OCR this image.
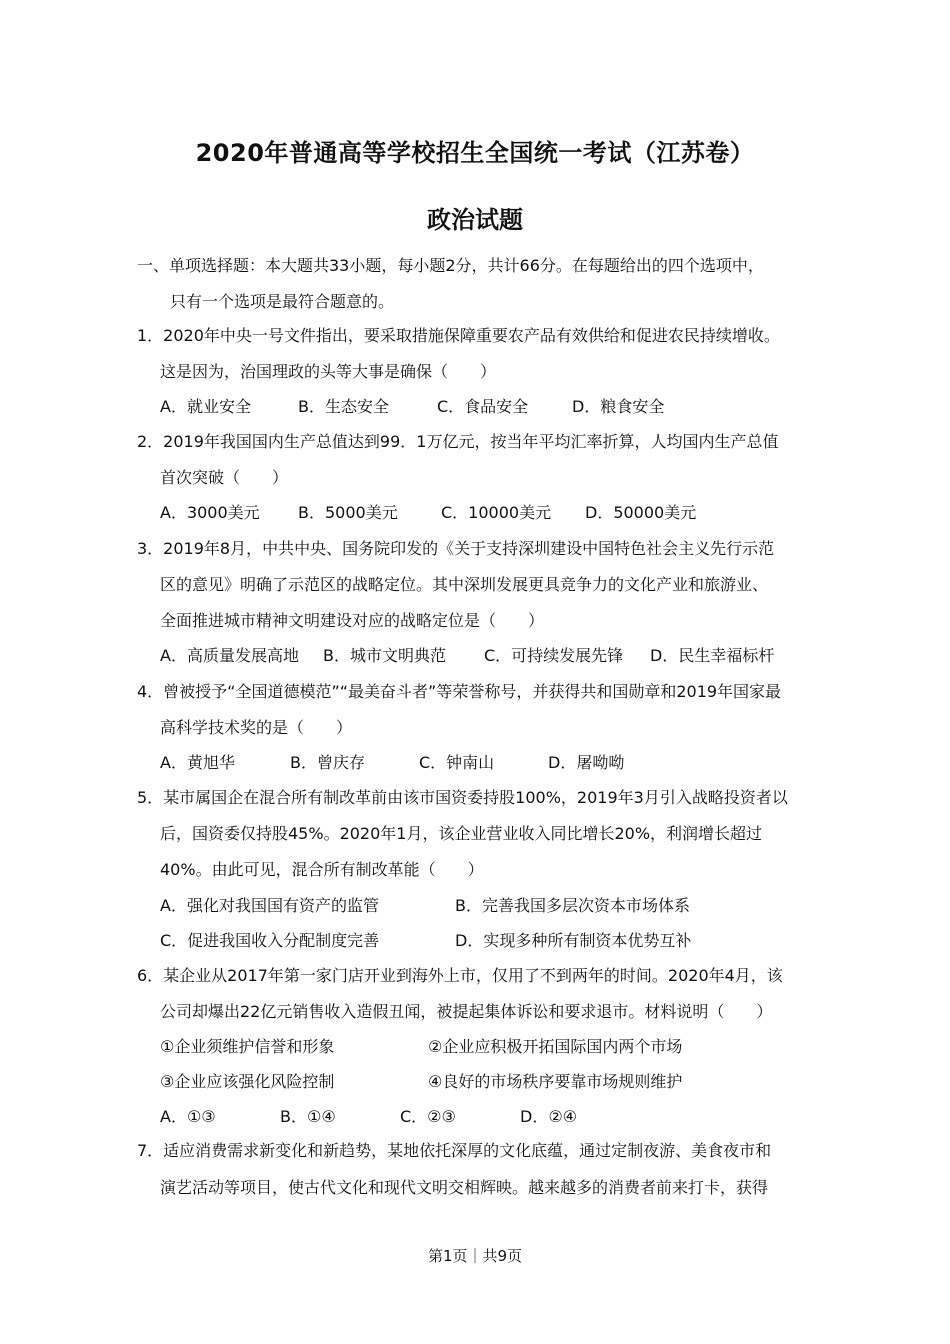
2020年普通高等学校招生全国统一考试（江苏卷）
政治试题
一、单项选择题：本大题共33小题，每小题2分，共计66分。在每题给出的四个选项中，
只有一个选项是最符合题意的。
1．2020年中央一号文件指出，要采取措施保障重要农产品有效供给和促进农民持续增收。
这是因为，治国理政的头等大事是确保（　　）
A．就业安全	B．生态安全	C．食品安全	D．粮食安全
2．2019年我国国内生产总值达到99．1万亿元，按当年平均汇率折算，人均国内生产总值
首次突破（　　）
A．3000美元 B．5000美元	C．10000美元 D．50000美元
3．2019年8月，中共中央、国务院印发的《关于支持深圳建设中国特色社会主义先行示范
区的意见》明确了示范区的战略定位。其中深圳发展更具竞争力的文化产业和旅游业、
全面推进城市精神文明建设对应的战略定位是（　　）
A．高质量发展高地 B．城市文明典范 C．可持续发展先锋 D．民生幸福标杆
4．曾被授予“全国道德模范”“最美奋斗者”等荣誉称号，并获得共和国勋章和2019年国家最
高科学技术奖的是（　　）
A．黄旭华	B．曾庆存	C．钟南山	D．屠呦呦
5．某市属国企在混合所有制改革前由该市国资委持股100%，2019年3月引入战略投资者以
后，国资委仅持股45%。2020年1月，该企业营业收入同比增长20%，利润增长超过
40%。由此可见，混合所有制改革能（　　）
A．强化对我国国有资产的监管	B．完善我国多层次资本市场体系
C．促进我国收入分配制度完善	D．实现多种所有制资本优势互补
6．某企业从2017年第一家门店开业到海外上市，仅用了不到两年的时间。2020年4月，该
公司却爆出22亿元销售收入造假丑闻，被提起集体诉讼和要求退市。材料说明（　　）
①企业须维护信誉和形象	②企业应积极开拓国际国内两个市场
③企业应该强化风险控制	④良好的市场秩序要靠市场规则维护
A．①③	B．①④	C．②③	D．②④
7．适应消费需求新变化和新趋势，某地依托深厚的文化底蕴，通过定制夜游、美食夜市和
演艺活动等项目，使古代文化和现代文明交相辉映。越来越多的消费者前来打卡，获得
第1页｜共9页
